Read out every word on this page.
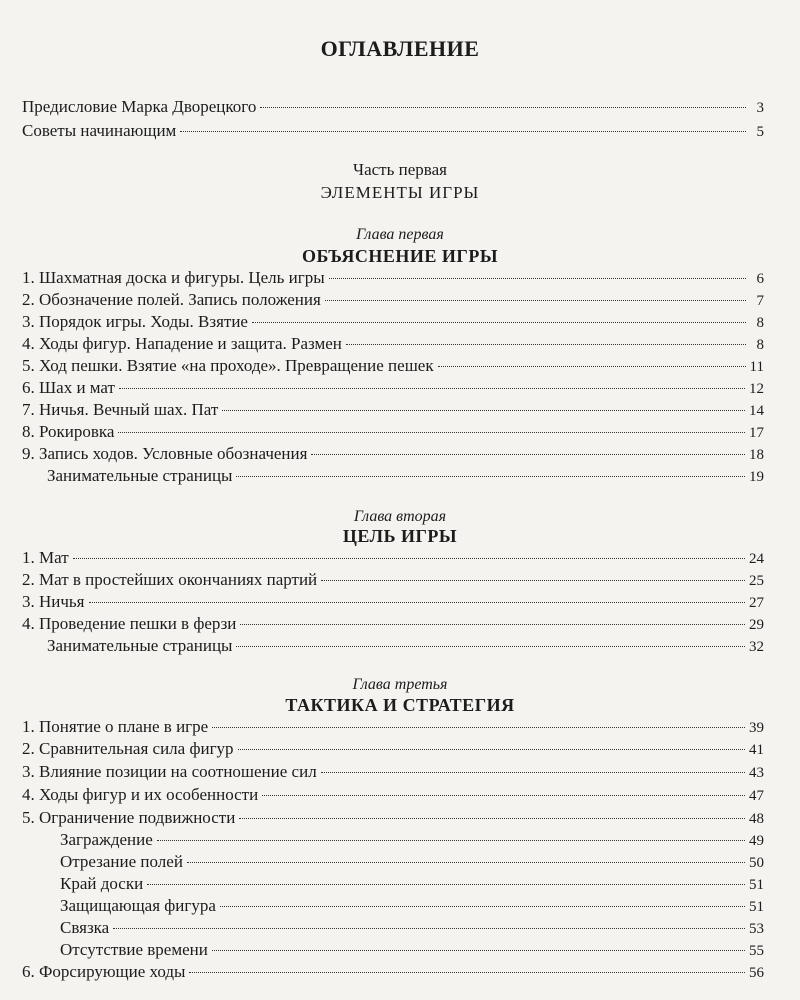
ОГЛАВЛЕНИЕ
Предисловие Марка Дворецкого	3
Советы начинающим	5
Часть первая
ЭЛЕМЕНТЫ ИГРЫ
Глава первая
ОБЪЯСНЕНИЕ ИГРЫ
1. Шахматная доска и фигуры. Цель игры	6
2. Обозначение полей. Запись положения	7
3. Порядок игры. Ходы. Взятие	8
4. Ходы фигур. Нападение и защита. Размен	8
5. Ход пешки. Взятие «на проходе». Превращение пешек	11
6. Шах и мат	12
7. Ничья. Вечный шах. Пат	14
8. Рокировка	17
9. Запись ходов. Условные обозначения	18
Занимательные страницы	19
Глава вторая
ЦЕЛЬ ИГРЫ
1. Мат	24
2. Мат в простейших окончаниях партий	25
3. Ничья	27
4. Проведение пешки в ферзи	29
Занимательные страницы	32
Глава третья
ТАКТИКА И СТРАТЕГИЯ
1. Понятие о плане в игре	39
2. Сравнительная сила фигур	41
3. Влияние позиции на соотношение сил	43
4. Ходы фигур и их особенности	47
5. Ограничение подвижности	48
Заграждение	49
Отрезание полей	50
Край доски	51
Защищающая фигура	51
Связка	53
Отсутствие времени	55
6. Форсирующие ходы	56
